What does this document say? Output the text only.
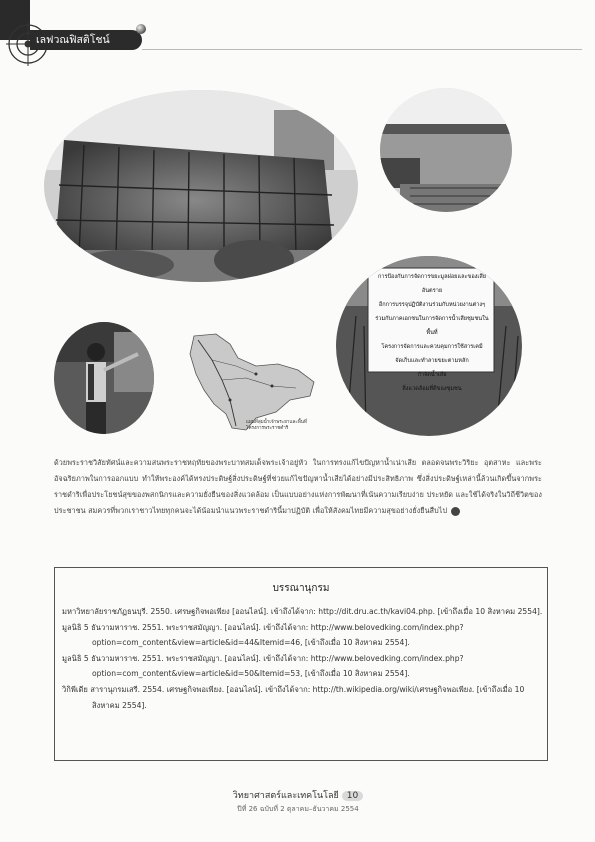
เลฟวณฟิสติโชน์
การป้องกันการจัดการขยะมูลฝอยและของเสียอันตราย
อีกการบรรจุปฏิบัติงานร่วมกับหน่วยงานต่างๆ
ร่วมกับภาคเอกชนในการจัดการน้ำเสียชุมชนในพื้นที่
โครงการจัดการและควบคุมการใช้สารเคมี
จัดเก็บและทำลายขยะตามหลัก
กำจัดน้ำเสีย
สิ่งแวดล้อมที่ดีของชุมชน
แผนที่ลุ่มน้ำเจ้าพระยาและพื้นที่โครงการพระราชดำริ
ด้วยพระราชวิสัยทัศน์และความสนพระราชหฤทัยของพระบาทสมเด็จพระเจ้าอยู่หัว ในการทรงแก้ไขปัญหาน้ำเน่าเสีย ตลอดจนพระวิริยะ อุตสาหะ และพระอัจฉริยภาพในการออกแบบ ทำให้พระองค์ได้ทรงประดิษฐ์สิ่งประดิษฐ์ที่ช่วยแก้ไขปัญหาน้ำเสียได้อย่างมีประสิทธิภาพ ซึ่งสิ่งประดิษฐ์เหล่านี้ล้วนเกิดขึ้นจากพระราชดำริเพื่อประโยชน์สุขของพสกนิกรและความยั่งยืนของสิ่งแวดล้อม เป็นแบบอย่างแห่งการพัฒนาที่เน้นความเรียบง่าย ประหยัด และใช้ได้จริงในวิถีชีวิตของประชาชน สมควรที่พวกเราชาวไทยทุกคนจะได้น้อมนำแนวพระราชดำรินี้มาปฏิบัติ เพื่อให้สังคมไทยมีความสุขอย่างยั่งยืนสืบไป
บรรณานุกรม

มหาวิทยาลัยราชภัฏธนบุรี. 2550. เศรษฐกิจพอเพียง [ออนไลน์]. เข้าถึงได้จาก: http://dit.dru.ac.th/kavi04.php. [เข้าถึงเมื่อ 10 สิงหาคม 2554].

มูลนิธิ 5 ธันวามหาราช. 2551. พระราชสมัญญา. [ออนไลน์]. เข้าถึงได้จาก: http://www.belovedking.com/index.php?option=com_content&view=article&id=44&Itemid=46, [เข้าถึงเมื่อ 10 สิงหาคม 2554].

มูลนิธิ 5 ธันวามหาราช. 2551. พระราชสมัญญา. [ออนไลน์]. เข้าถึงได้จาก: http://www.belovedking.com/index.php?option=com_content&view=article&id=50&Itemid=53, [เข้าถึงเมื่อ 10 สิงหาคม 2554].

วิกิพีเดีย สารานุกรมเสรี. 2554. เศรษฐกิจพอเพียง. [ออนไลน์]. เข้าถึงได้จาก: http://th.wikipedia.org/wiki/เศรษฐกิจพอเพียง. [เข้าถึงเมื่อ 10 สิงหาคม 2554].

วิทยาศาสตร์และเทคโนโลยี 10
ปีที่ 26 ฉบับที่ 2 ตุลาคม–ธันวาคม 2554
